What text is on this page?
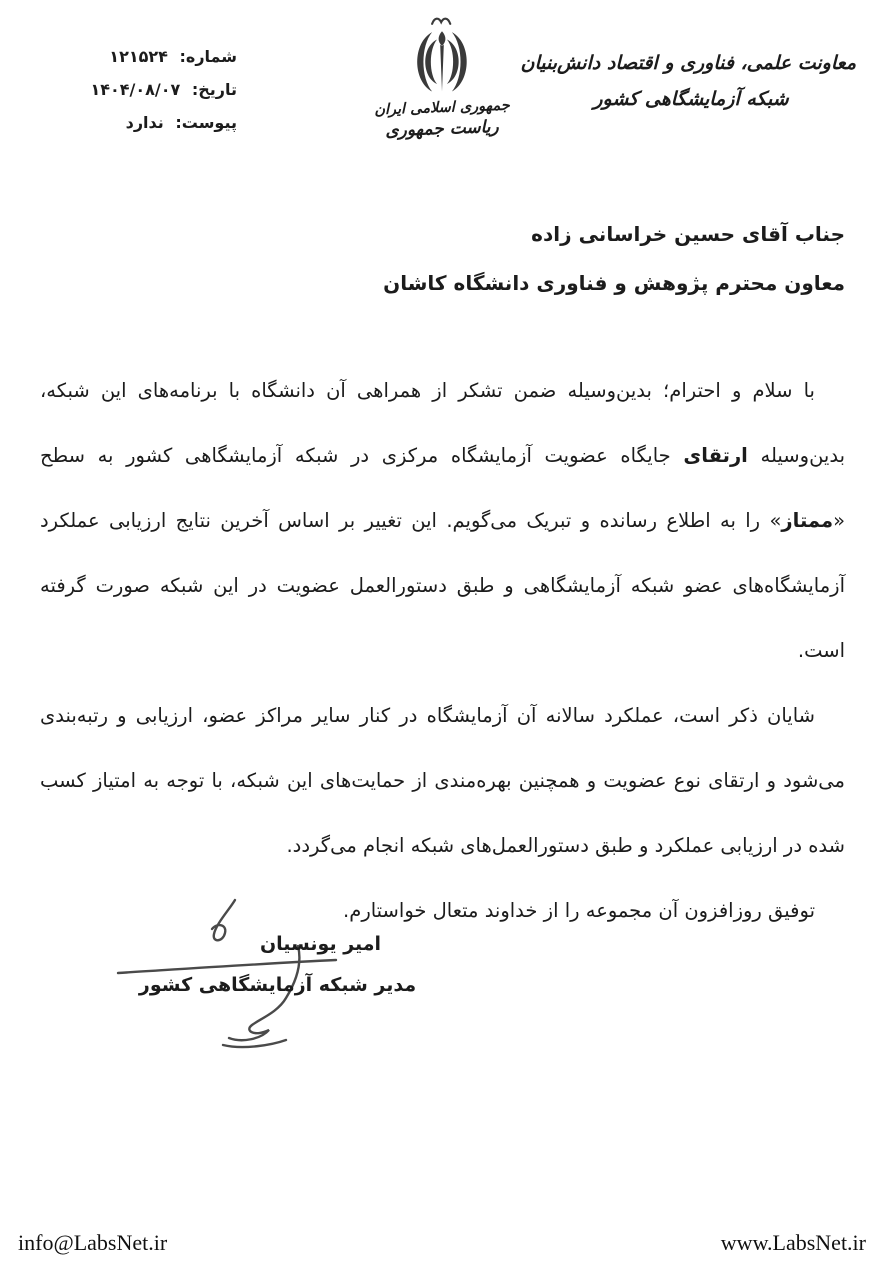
شماره: ۱۲۱۵۲۴
تاریخ: ۱۴۰۴/۰۸/۰۷
پیوست: ندارد
جمهوری اسلامی ایران
ریاست جمهوری
معاونت علمی، فناوری و اقتصاد دانش‌بنیان
شبکه آزمایشگاهی کشور
جناب آقای حسین خراسانی زاده
معاون محترم پژوهش و فناوری دانشگاه کاشان

با سلام و احترام؛ بدین‌وسیله ضمن تشکر از همراهی آن دانشگاه با برنامه‌های این شبکه، بدین‌وسیله ارتقای جایگاه عضویت آزمایشگاه مرکزی در شبکه آزمایشگاهی کشور به سطح «ممتاز» را به اطلاع رسانده و تبریک می‌گویم. این تغییر بر اساس آخرین نتایج ارزیابی عملکرد آزمایشگاه‌های عضو شبکه آزمایشگاهی و طبق دستورالعمل عضویت در این شبکه صورت گرفته است.

شایان ذکر است، عملکرد سالانه آن آزمایشگاه در کنار سایر مراکز عضو، ارزیابی و رتبه‌بندی می‌شود و ارتقای نوع عضویت و همچنین بهره‌مندی از حمایت‌های این شبکه، با توجه به امتیاز کسب شده در ارزیابی عملکرد و طبق دستورالعمل‌های شبکه انجام می‌گردد.

توفیق روزافزون آن مجموعه را از خداوند متعال خواستارم.

امیر یونسیان
مدیر شبکه آزمایشگاهی کشور
info@LabsNet.ir	www.LabsNet.ir
